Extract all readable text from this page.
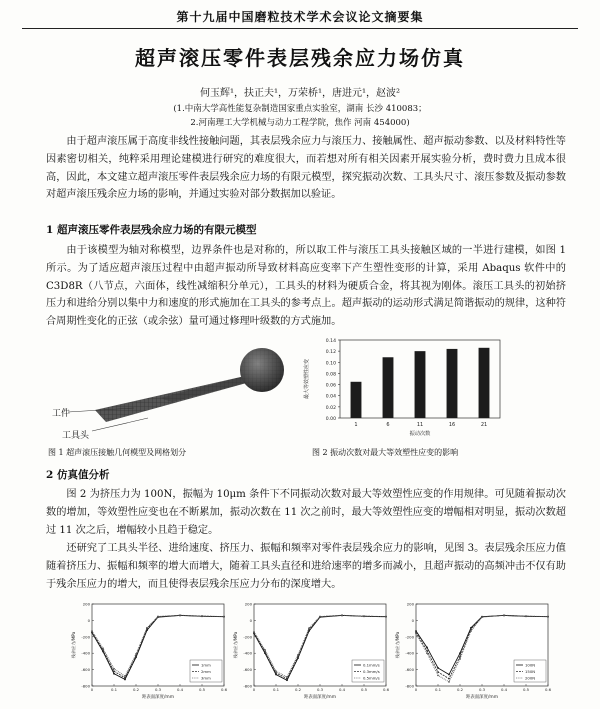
第十九届中国磨粒技术学术会议论文摘要集
超声滚压零件表层残余应力场仿真
何玉辉¹，扶正夫¹，万荣桥¹，唐进元¹，赵波²
(1.中南大学高性能复杂制造国家重点实验室，湖南 长沙 410083；
2.河南理工大学机械与动力工程学院，焦作 河南 454000)

由于超声滚压属于高度非线性接触问题，其表层残余应力与滚压力、接触属性、超声振动参数、以及材料特性等因素密切相关，纯粹采用理论建模进行研究的难度很大，而若想对所有相关因素开展实验分析，费时费力且成本很高，因此，本文建立超声滚压零件表层残余应力场的有限元模型，探究振动次数、工具头尺寸、滚压参数及振动参数对超声滚压残余应力场的影响，并通过实验对部分数据加以验证。

1 超声滚压零件表层残余应力场的有限元模型

由于该模型为轴对称模型，边界条件也是对称的，所以取工件与滚压工具头接触区域的一半进行建模，如图 1 所示。为了适应超声滚压过程中由超声振动所导致材料高应变率下产生塑性变形的计算，采用 Abaqus 软件中的 C3D8R（八节点，六面体，线性减缩积分单元），工具头的材料为硬质合金，将其视为刚体。滚压工具头的初始挤压力和进给分别以集中力和速度的形式施加在工具头的参考点上。超声振动的运动形式满足简谐振动的规律，这种符合周期性变化的正弦（或余弦）量可通过修理叶级数的方式施加。

工件
工具头
图 1 超声滚压接触几何模型及网格划分
0.00
0.02
0.04
0.06
0.08
0.10
0.12
0.14
1	6	11	16	21
振动次数
最大等效塑性应变
图 2 振动次数对最大等效塑性应变的影响
2 仿真值分析

图 2 为挤压力为 100N，振幅为 10μm 条件下不同振动次数对最大等效塑性应变的作用规律。可见随着振动次数的增加，等效塑性应变也在不断累加，振动次数在 11 次之前时，最大等效塑性应变的增幅相对明显，振动次数超过 11 次之后，增幅较小且趋于稳定。

还研究了工具头半径、进给速度、挤压力、振幅和频率对零件表层残余应力的影响，见图 3。表层残余压应力值随着挤压力、振幅和频率的增大而增大，随着工具头直径和进给速率的增多而减小，且超声振动的高频冲击不仅有助于残余压应力的增大，而且使得表层残余压应力分布的深度增大。

-800
-600
-400
-200
0
200
0	0.1	0.2	0.3	0.4	0.5	0.6
1mm
2mm
3mm
距表面深度/mm
残余应力/MPa
-800
-600
-400
-200
0
200
0	0.1	0.2	0.3	0.4	0.5	0.6
0.1mm/s
0.3mm/s
0.5mm/s
距表面深度/mm
残余应力/MPa
-800
-600
-400
-200
0
200
0	0.1	0.2	0.3	0.4	0.5	0.6
100N
150N
200N
距表面深度/mm
残余应力/MPa
